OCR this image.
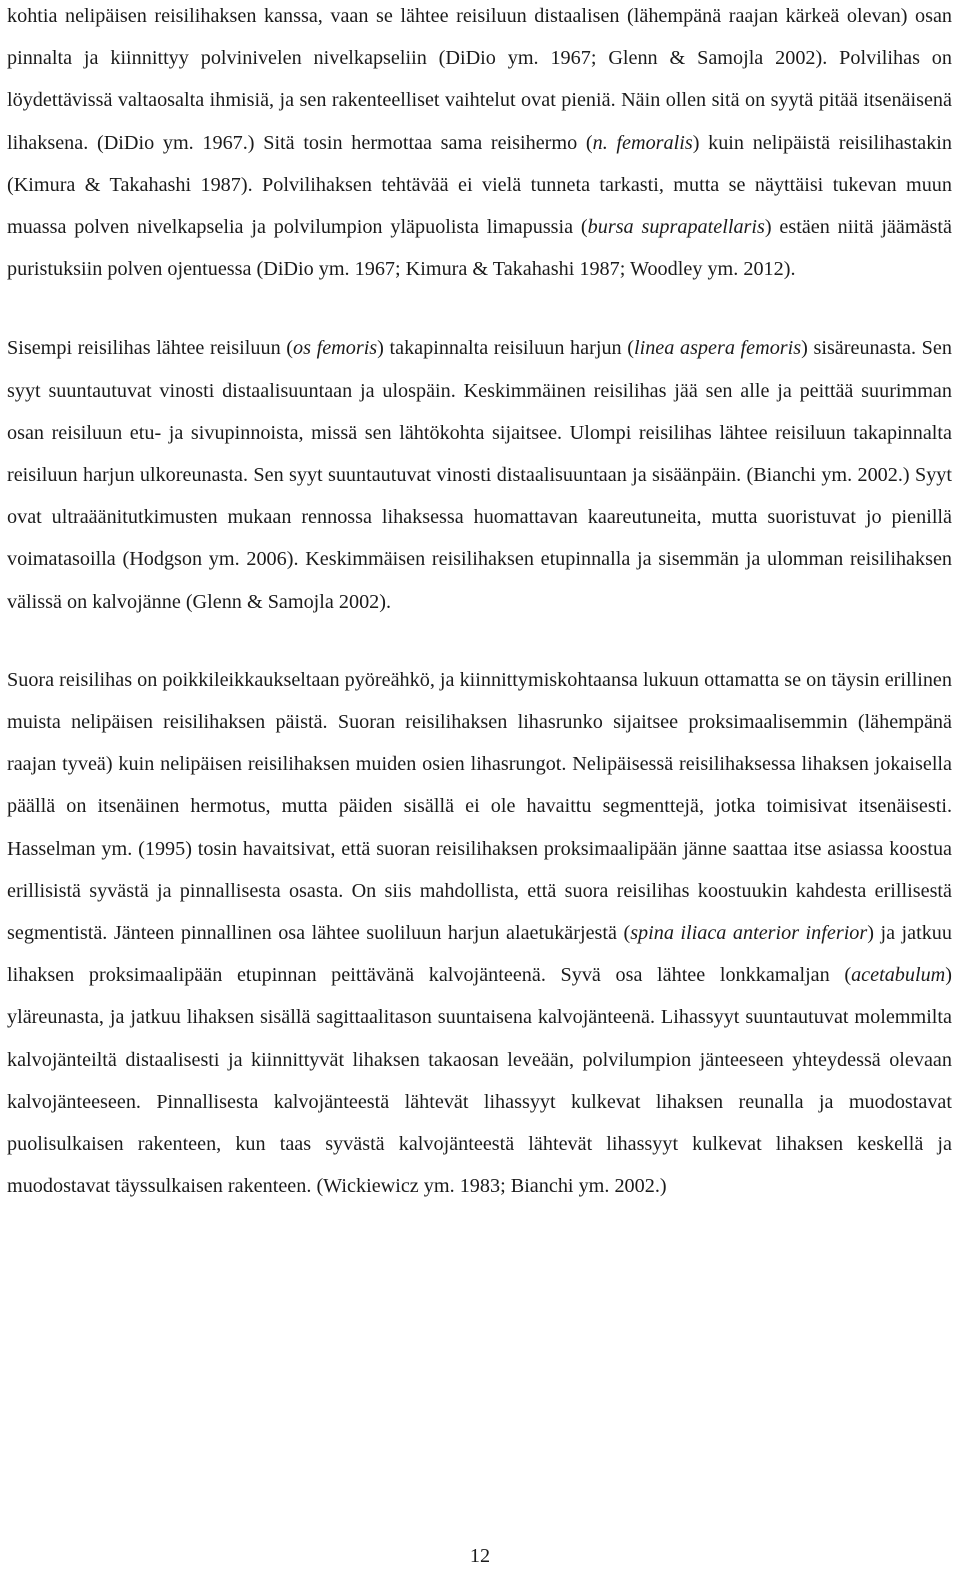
kohtia nelipäisen reisilihaksen kanssa, vaan se lähtee reisiluun distaalisen (lähempänä raajan kärkeä olevan) osan pinnalta ja kiinnittyy polvinivelen nivelkapseliin (DiDio ym. 1967; Glenn & Samojla 2002). Polvilihas on löydettävissä valtaosalta ihmisiä, ja sen rakenteelliset vaihtelut ovat pieniä. Näin ollen sitä on syytä pitää itsenäisenä lihaksena. (DiDio ym. 1967.) Sitä tosin hermottaa sama reisihermo (n. femoralis) kuin nelipäistä reisilihastakin (Kimura & Takahashi 1987). Polvilihaksen tehtävää ei vielä tunneta tarkasti, mutta se näyttäisi tukevan muun muassa polven nivelkapselia ja polvilumpion yläpuolista limapussia (bursa suprapatellaris) estäen niitä jäämästä puristuksiin polven ojentuessa (DiDio ym. 1967; Kimura & Takahashi 1987; Woodley ym. 2012).

Sisempi reisilihas lähtee reisiluun (os femoris) takapinnalta reisiluun harjun (linea aspera femoris) sisäreunasta. Sen syyt suuntautuvat vinosti distaalisuuntaan ja ulospäin. Keskimmäinen reisilihas jää sen alle ja peittää suurimman osan reisiluun etu- ja sivupinnoista, missä sen lähtökohta sijaitsee. Ulompi reisilihas lähtee reisiluun takapinnalta reisiluun harjun ulkoreunasta. Sen syyt suuntautuvat vinosti distaalisuuntaan ja sisäänpäin. (Bianchi ym. 2002.) Syyt ovat ultraäänitutkimusten mukaan rennossa lihaksessa huomattavan kaareutuneita, mutta suoristuvat jo pienillä voimatasoilla (Hodgson ym. 2006). Keskimmäisen reisilihaksen etupinnalla ja sisemmän ja ulomman reisilihaksen välissä on kalvojänne (Glenn & Samojla 2002).

Suora reisilihas on poikkileikkaukseltaan pyöreähkö, ja kiinnittymiskohtaansa lukuun ottamatta se on täysin erillinen muista nelipäisen reisilihaksen päistä. Suoran reisilihaksen lihasrunko sijaitsee proksimaalisemmin (lähempänä raajan tyveä) kuin nelipäisen reisilihaksen muiden osien lihasrungot. Nelipäisessä reisilihaksessa lihaksen jokaisella päällä on itsenäinen hermotus, mutta päiden sisällä ei ole havaittu segmenttejä, jotka toimisivat itsenäisesti. Hasselman ym. (1995) tosin havaitsivat, että suoran reisilihaksen proksimaalipään jänne saattaa itse asiassa koostua erillisistä syvästä ja pinnallisesta osasta. On siis mahdollista, että suora reisilihas koostuukin kahdesta erillisestä segmentistä. Jänteen pinnallinen osa lähtee suoliluun harjun alaetukärjestä (spina iliaca anterior inferior) ja jatkuu lihaksen proksimaalipään etupinnan peittävänä kalvojänteenä. Syvä osa lähtee lonkkamaljan (acetabulum) yläreunasta, ja jatkuu lihaksen sisällä sagittaalitason suuntaisena kalvojänteenä. Lihassyyt suuntautuvat molemmilta kalvojänteiltä distaalisesti ja kiinnittyvät lihaksen takaosan leveään, polvilumpion jänteeseen yhteydessä olevaan kalvojänteeseen. Pinnallisesta kalvojänteestä lähtevät lihassyyt kulkevat lihaksen reunalla ja muodostavat puolisulkaisen rakenteen, kun taas syvästä kalvojänteestä lähtevät lihassyyt kulkevat lihaksen keskellä ja muodostavat täyssulkaisen rakenteen. (Wickiewicz ym. 1983; Bianchi ym. 2002.)

12
